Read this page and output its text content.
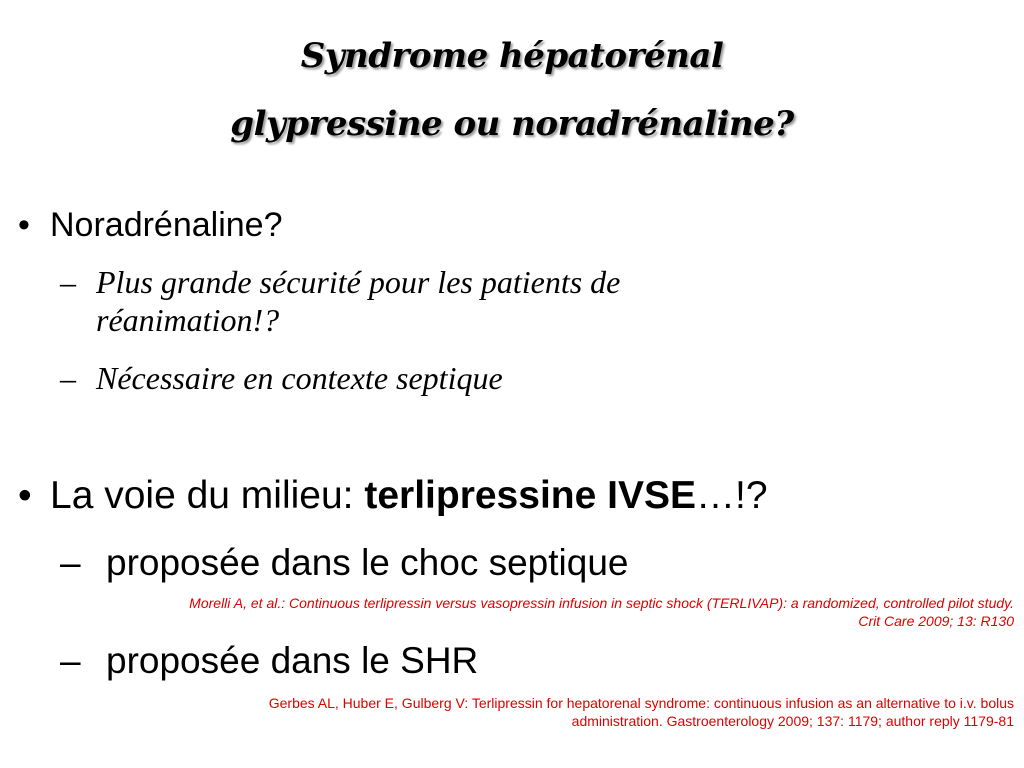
Syndrome hépatorénal
glypressine ou noradrénaline?
• Noradrénaline?
– Plus grande sécurité pour les patients de
réanimation!?
– Nécessaire en contexte septique
• La voie du milieu: terlipressine IVSE…!?
– proposée dans le choc septique
Morelli A, et al.: Continuous terlipressin versus vasopressin infusion in septic shock (TERLIVAP): a randomized, controlled pilot study.
Crit Care 2009; 13: R130
– proposée dans le SHR
Gerbes AL, Huber E, Gulberg V: Terlipressin for hepatorenal syndrome: continuous infusion as an alternative to i.v. bolus
administration. Gastroenterology 2009; 137: 1179; author reply 1179-81
